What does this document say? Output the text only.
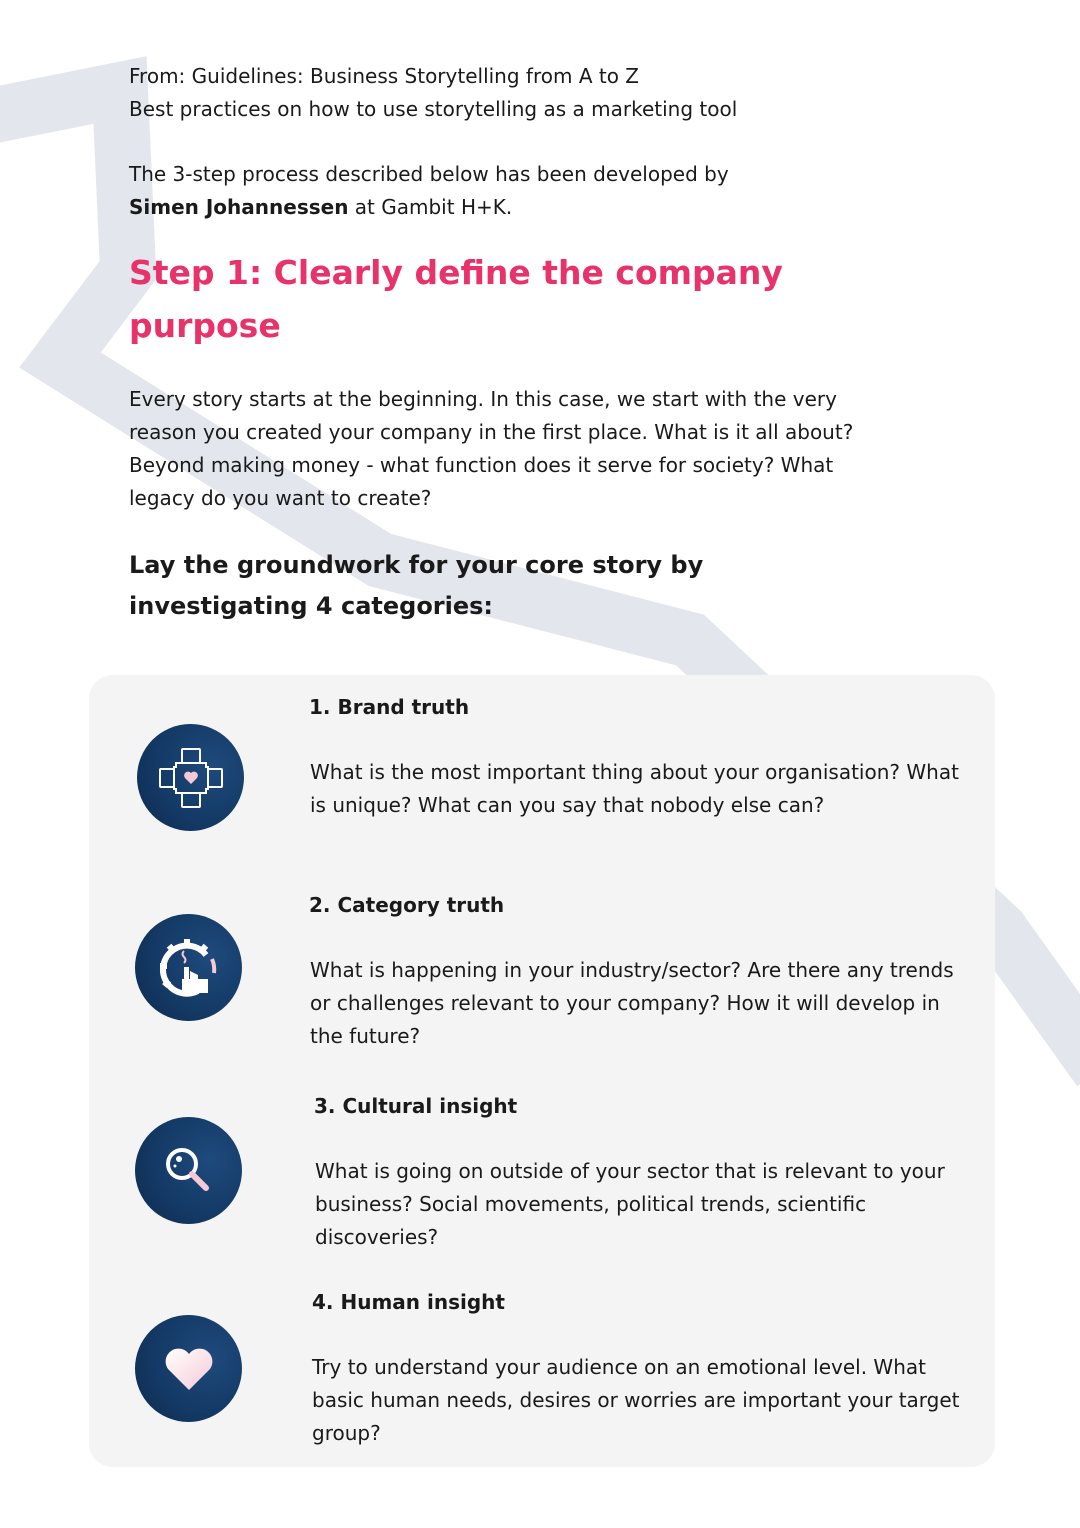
From: Guidelines: Business Storytelling from A to Z

Best practices on how to use storytelling as a marketing tool

The 3-step process described below has been developed by
Simen Johannessen at Gambit H+K.

Step 1: Clearly define the company purpose

Every story starts at the beginning. In this case, we start with the very reason you created your company in the first place. What is it all about? Beyond making money - what function does it serve for society? What legacy do you want to create?

Lay the groundwork for your core story by investigating 4 categories:

1. Brand truth

What is the most important thing about your organisation? What is unique? What can you say that nobody else can?

2. Category truth

What is happening in your industry/sector? Are there any trends or challenges relevant to your company? How it will develop in the future?

3. Cultural insight

What is going on outside of your sector that is relevant to your business? Social movements, political trends, scientific discoveries?

4. Human insight

Try to understand your audience on an emotional level. What basic human needs, desires or worries are important your target group?
